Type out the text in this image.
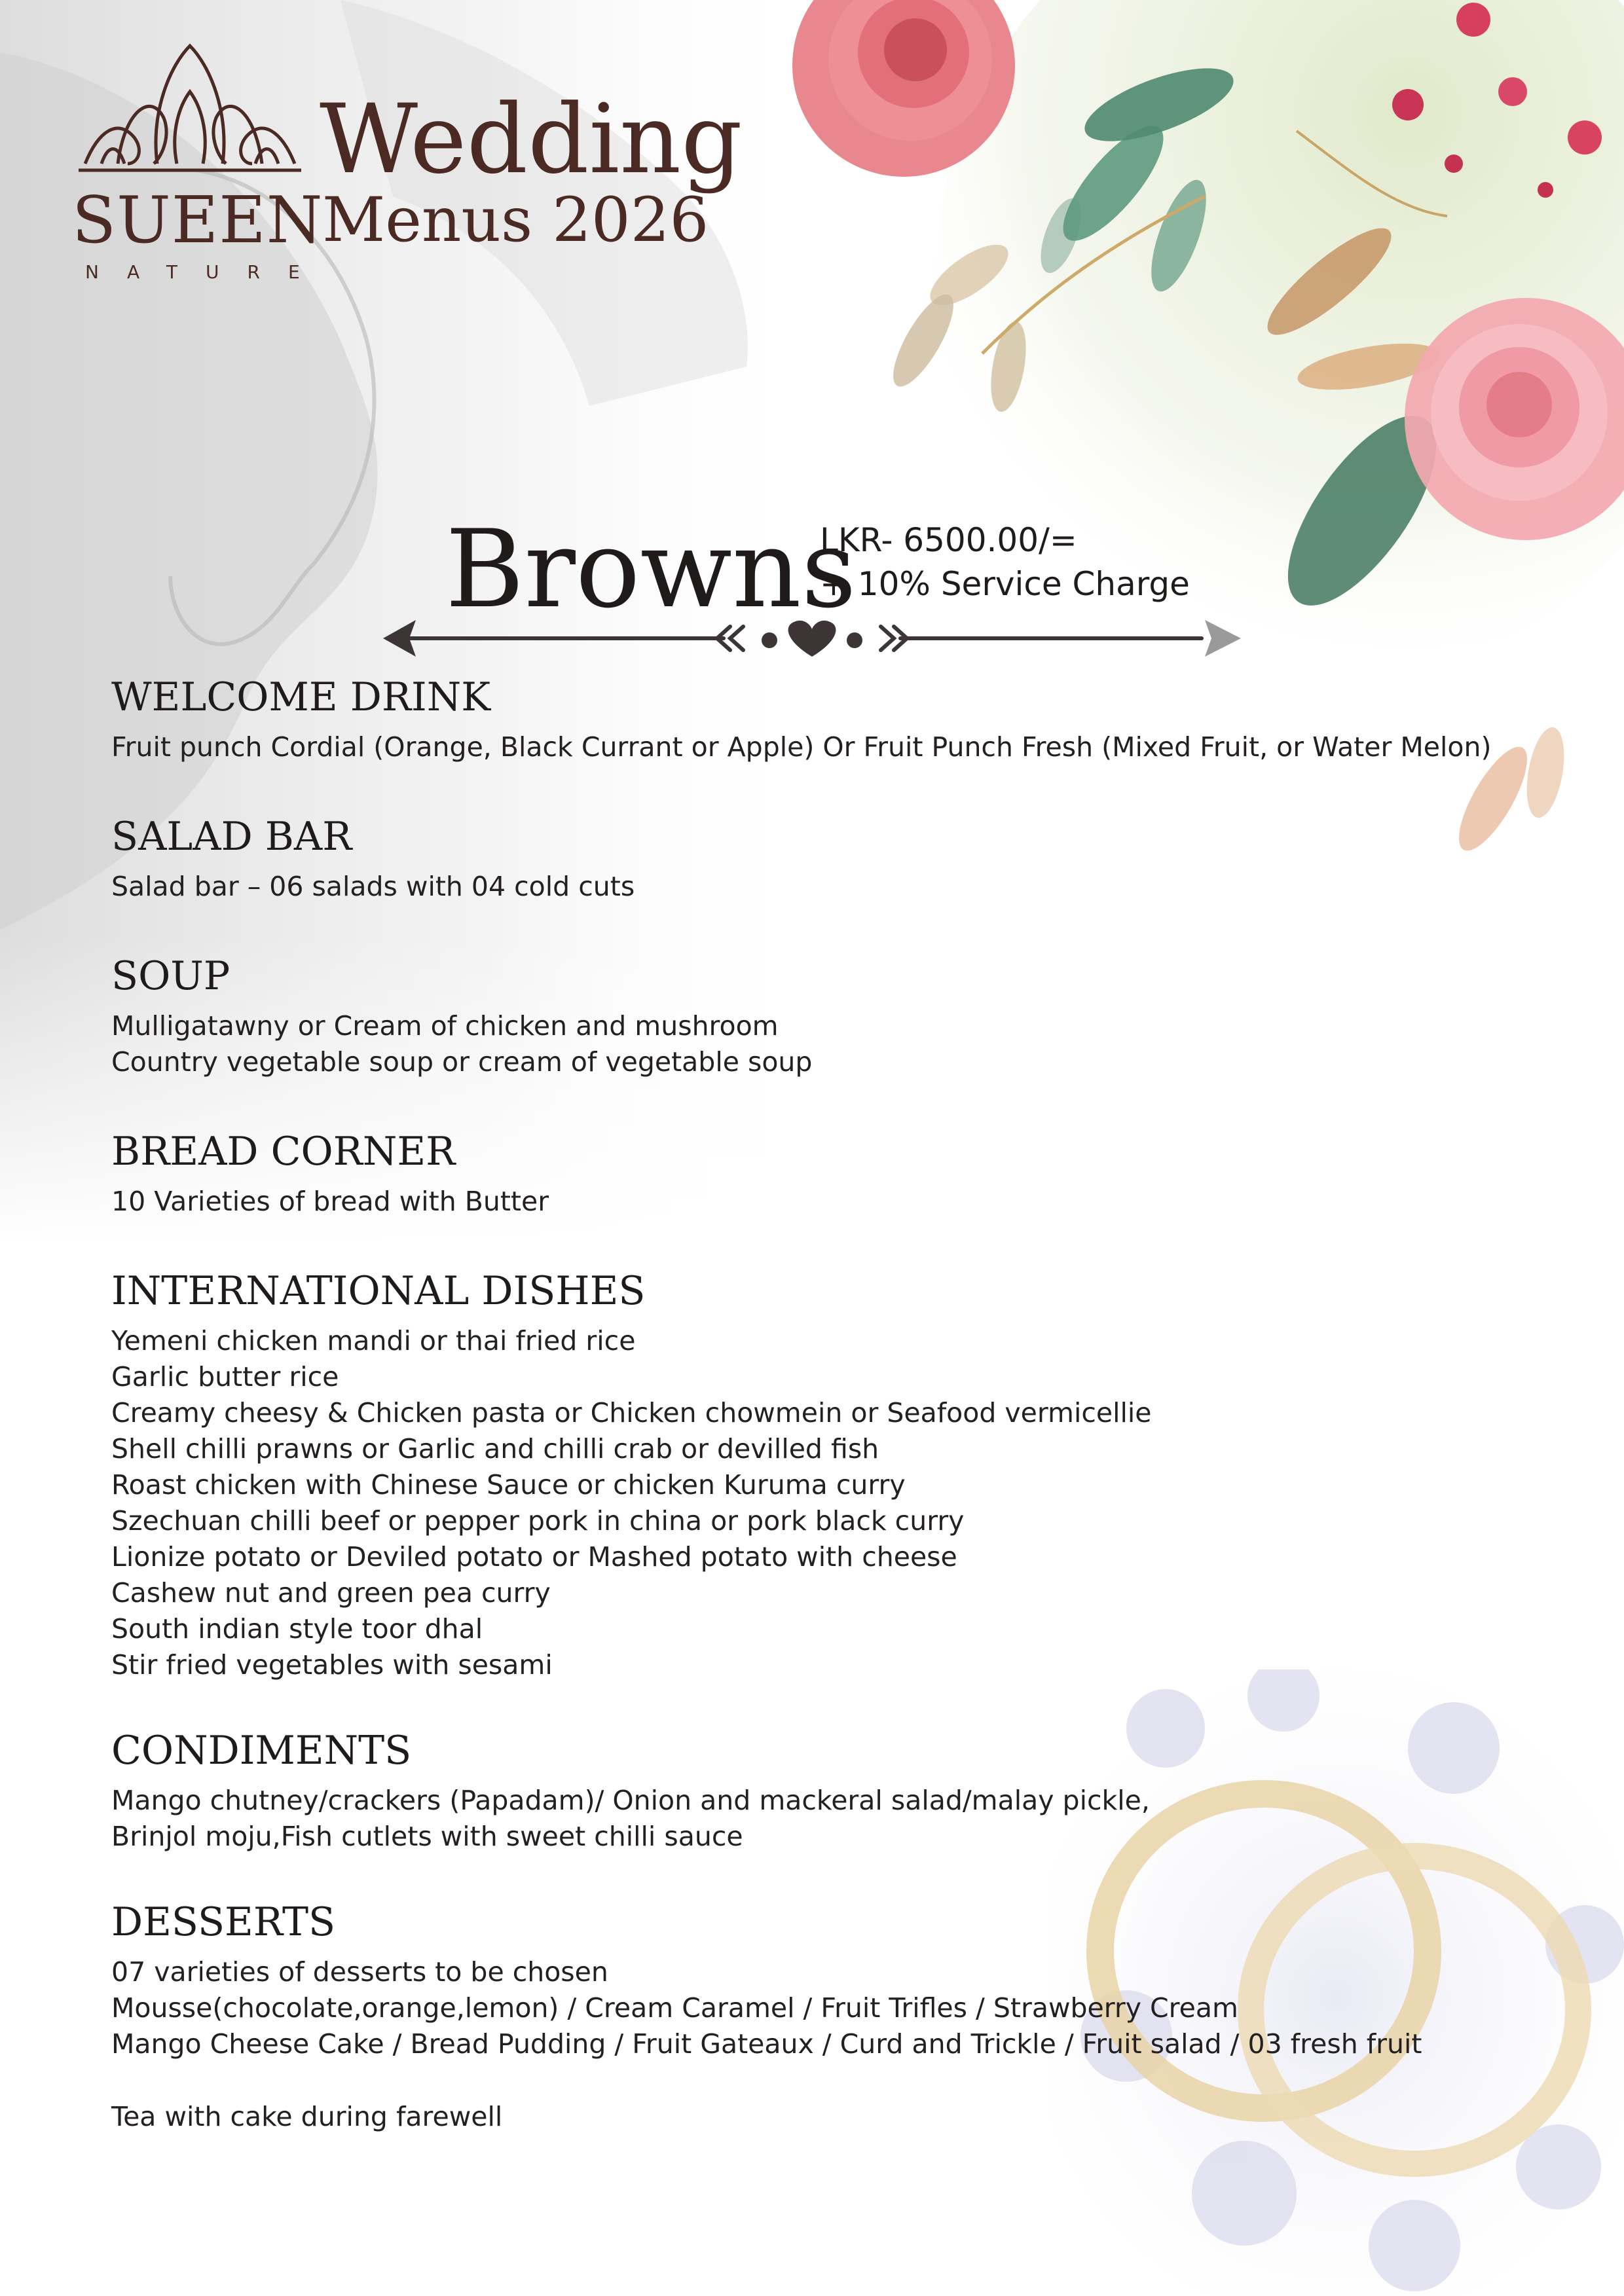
SUEEN
NATURE
Wedding
Menus 2026
Browns
LKR- 6500.00/=
+ 10% Service Charge
WELCOME DRINK
Fruit punch Cordial (Orange, Black Currant or Apple) Or Fruit Punch Fresh (Mixed Fruit, or Water Melon)
SALAD BAR
Salad bar – 06 salads with 04 cold cuts
SOUP
Mulligatawny or Cream of chicken and mushroom
Country vegetable soup or cream of vegetable soup
BREAD CORNER
10 Varieties of bread with Butter
INTERNATIONAL DISHES
Yemeni chicken mandi or thai fried rice
Garlic butter rice
Creamy cheesy & Chicken pasta or Chicken chowmein or Seafood vermicellie
Shell chilli prawns or Garlic and chilli crab or devilled fish
Roast chicken with Chinese Sauce or chicken Kuruma curry
Szechuan chilli beef or pepper pork in china or pork black curry
Lionize potato or Deviled potato or Mashed potato with cheese
Cashew nut and green pea curry
South indian style toor dhal
Stir fried vegetables with sesami
CONDIMENTS
Mango chutney/crackers (Papadam)/ Onion and mackeral salad/malay pickle,
Brinjol moju,Fish cutlets with sweet chilli sauce
DESSERTS
07 varieties of desserts to be chosen
Mousse(chocolate,orange,lemon) / Cream Caramel / Fruit Trifles / Strawberry Cream
Mango Cheese Cake / Bread Pudding / Fruit Gateaux / Curd and Trickle / Fruit salad / 03 fresh fruit
Tea with cake during farewell
